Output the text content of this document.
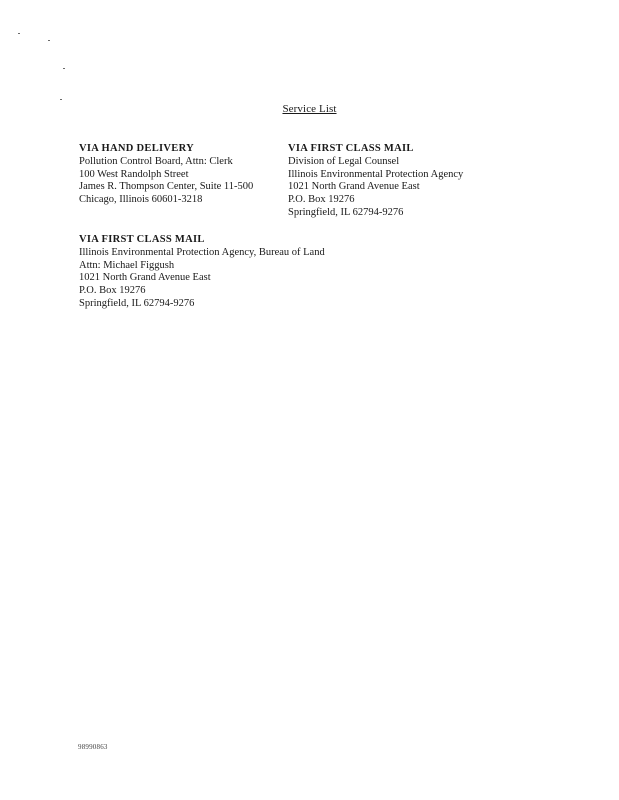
Service List
VIA HAND DELIVERY
Pollution Control Board, Attn: Clerk
100 West Randolph Street
James R. Thompson Center, Suite 11-500
Chicago, Illinois 60601-3218
VIA FIRST CLASS MAIL
Division of Legal Counsel
Illinois Environmental Protection Agency
1021 North Grand Avenue East
P.O. Box 19276
Springfield, IL 62794-9276
VIA FIRST CLASS MAIL
Illinois Environmental Protection Agency, Bureau of Land
Attn: Michael Figgush
1021 North Grand Avenue East
P.O. Box 19276
Springfield, IL 62794-9276
98990863
